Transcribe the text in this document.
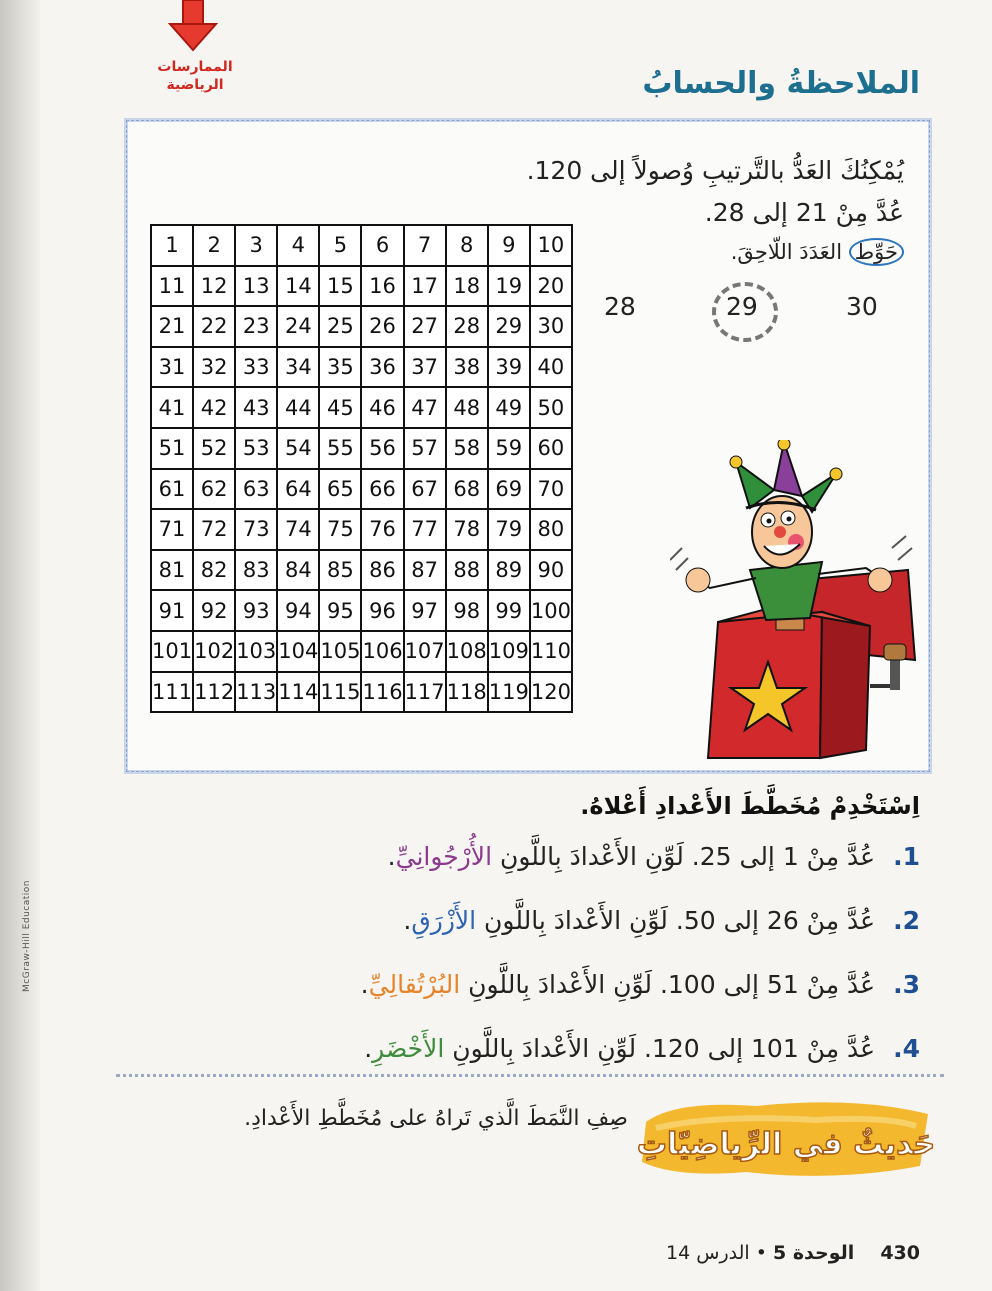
McGraw-Hill Education
الممارسات
الرياضية	الملاحظةُ والحسابُ
يُمْكِنُكَ العَدُّ بالتَّرتيبِ وُصولاً إلى 120.
عُدَّ مِنْ 21 إلى 28.
حَوِّط العَدَدَ اللّاحِقَ.
28	29	30
1	2	3	4	5	6	7	8	9	10
11	12	13	14	15	16	17	18	19	20
21	22	23	24	25	26	27	28	29	30
31	32	33	34	35	36	37	38	39	40
41	42	43	44	45	46	47	48	49	50
51	52	53	54	55	56	57	58	59	60
61	62	63	64	65	66	67	68	69	70
71	72	73	74	75	76	77	78	79	80
81	82	83	84	85	86	87	88	89	90
91	92	93	94	95	96	97	98	99	100
101	102	103	104	105	106	107	108	109	110
111	112	113	114	115	116	117	118	119	120
اِسْتَخْدِمْ مُخَطَّطَ الأَعْدادِ أَعْلاهُ.
1.عُدَّ مِنْ 1 إلى 25. لَوِّنِ الأَعْدادَ بِاللَّونِ الأُرْجُوانِيِّ.
2.عُدَّ مِنْ 26 إلى 50. لَوِّنِ الأَعْدادَ بِاللَّونِ الأَزْرَقِ.
3.عُدَّ مِنْ 51 إلى 100. لَوِّنِ الأَعْدادَ بِاللَّونِ البُرْتُقالِيِّ.
4.عُدَّ مِنْ 101 إلى 120. لَوِّنِ الأَعْدادَ بِاللَّونِ الأَخْضَرِ.
حَديثٌ في الرِّياضِيّاتِ
صِفِ النَّمَطَ الَّذي تَراهُ على مُخَطَّطِ الأَعْدادِ.
430 الوحدة 5 • الدرس 14
